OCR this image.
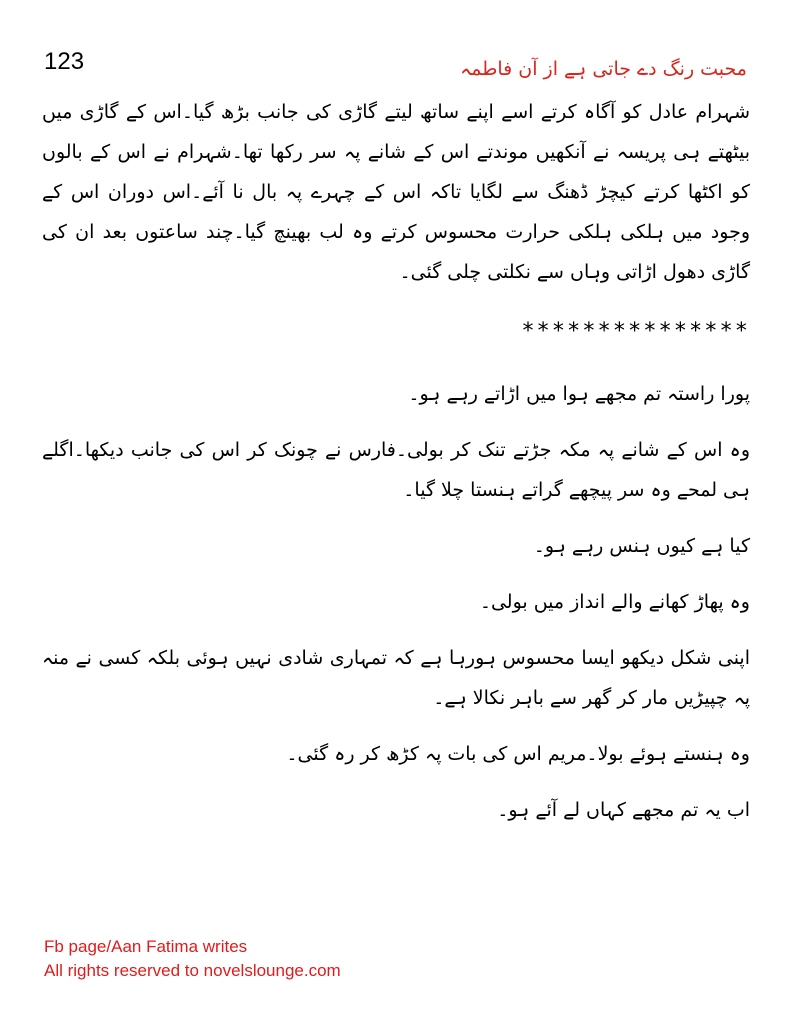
123	محبت رنگ دے جاتی ہے از آن فاطمہ

شہرام عادل کو آگاہ کرتے اسے اپنے ساتھ لیتے گاڑی کی جانب بڑھ گیا۔اس کے گاڑی میں بیٹھتے ہی پریسہ نے آنکھیں موندتے اس کے شانے پہ سر رکھا تھا۔شہرام نے اس کے بالوں کو اکٹھا کرتے کیچڑ ڈھنگ سے لگایا تاکہ اس کے چہرے پہ بال نا آئے۔اس دوران اس کے وجود میں ہلکی ہلکی حرارت محسوس کرتے وہ لب بھینچ گیا۔چند ساعتوں بعد ان کی گاڑی دھول اڑاتی وہاں سے نکلتی چلی گئی۔

***************

پورا راستہ تم مجھے ہوا میں اڑاتے رہے ہو۔

وہ اس کے شانے پہ مکہ جڑتے تنک کر بولی۔فارس نے چونک کر اس کی جانب دیکھا۔اگلے ہی لمحے وہ سر پیچھے گراتے ہنستا چلا گیا۔

کیا ہے کیوں ہنس رہے ہو۔

وہ پھاڑ کھانے والے انداز میں بولی۔

اپنی شکل دیکھو ایسا محسوس ہورہا ہے کہ تمہاری شادی نہیں ہوئی بلکہ کسی نے منہ پہ چپیڑیں مار کر گھر سے باہر نکالا ہے۔

وہ ہنستے ہوئے بولا۔مریم اس کی بات پہ کڑھ کر رہ گئی۔

اب یہ تم مجھے کہاں لے آئے ہو۔

Fb page/Aan Fatima writes
All rights reserved to novelslounge.com
